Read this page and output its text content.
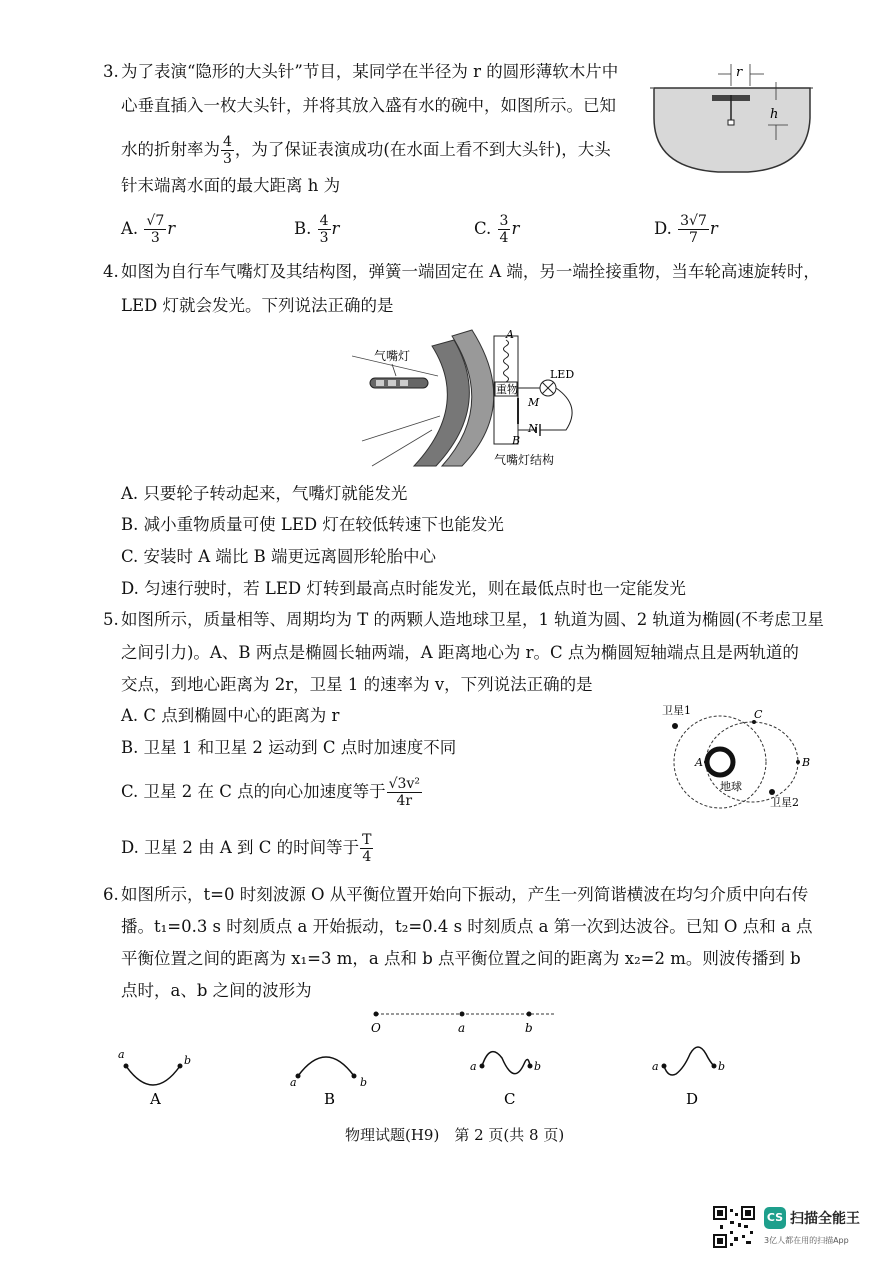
3. 为了表演“隐形的大头针”节目，某同学在半径为 r 的圆形薄软木片中
心垂直插入一枚大头针，并将其放入盛有水的碗中，如图所示。已知
水的折射率为 $\frac{4}{3}$ ，为了保证表演成功(在水面上看不到大头针)，大头
针末端离水面的最大距离 h 为
A. $\frac{√7}{3}$ r	B. $\frac{4}{3}$ r	C. $\frac{3}{4}$ r	D. $\frac{3√7}{7}$ r
r
h
4. 如图为自行车气嘴灯及其结构图，弹簧一端固定在 A 端，另一端拴接重物，当车轮高速旋转时，
LED 灯就会发光。下列说法正确的是
气嘴灯
重物
M
N
A
B
LED
气嘴灯结构
A. 只要轮子转动起来，气嘴灯就能发光
B. 减小重物质量可使 LED 灯在较低转速下也能发光
C. 安装时 A 端比 B 端更远离圆形轮胎中心
D. 匀速行驶时，若 LED 灯转到最高点时能发光，则在最低点时也一定能发光
5. 如图所示，质量相等、周期均为 T 的两颗人造地球卫星，1 轨道为圆、2 轨道为椭圆(不考虑卫星
之间引力)。A、B 两点是椭圆长轴两端，A 距离地心为 r。C 点为椭圆短轴端点且是两轨道的
交点，到地心距离为 2r，卫星 1 的速率为 v，下列说法正确的是
A. C 点到椭圆中心的距离为 r
B. 卫星 1 和卫星 2 运动到 C 点时加速度不同
C. 卫星 2 在 C 点的向心加速度等于 $\frac{\text{√3v²}}{4r}$
D. 卫星 2 由 A 到 C 的时间等于 $\frac{T}{4}$
卫星1
卫星2
地球
C
A	B
6. 如图所示，t=0 时刻波源 O 从平衡位置开始向下振动，产生一列简谐横波在均匀介质中向右传
播。t₁=0.3 s 时刻质点 a 开始振动，t₂=0.4 s 时刻质点 a 第一次到达波谷。已知 O 点和 a 点
平衡位置之间的距离为 x₁=3 m，a 点和 b 点平衡位置之间的距离为 x₂=2 m。则波传播到 b
点时，a、b 之间的波形为
O	a	b
a	b
A
a	b
B
a	b
C
a	b
D
物理试题(H9)　第 2 页(共 8 页)
CS 扫描全能王
3亿人都在用的扫描App
